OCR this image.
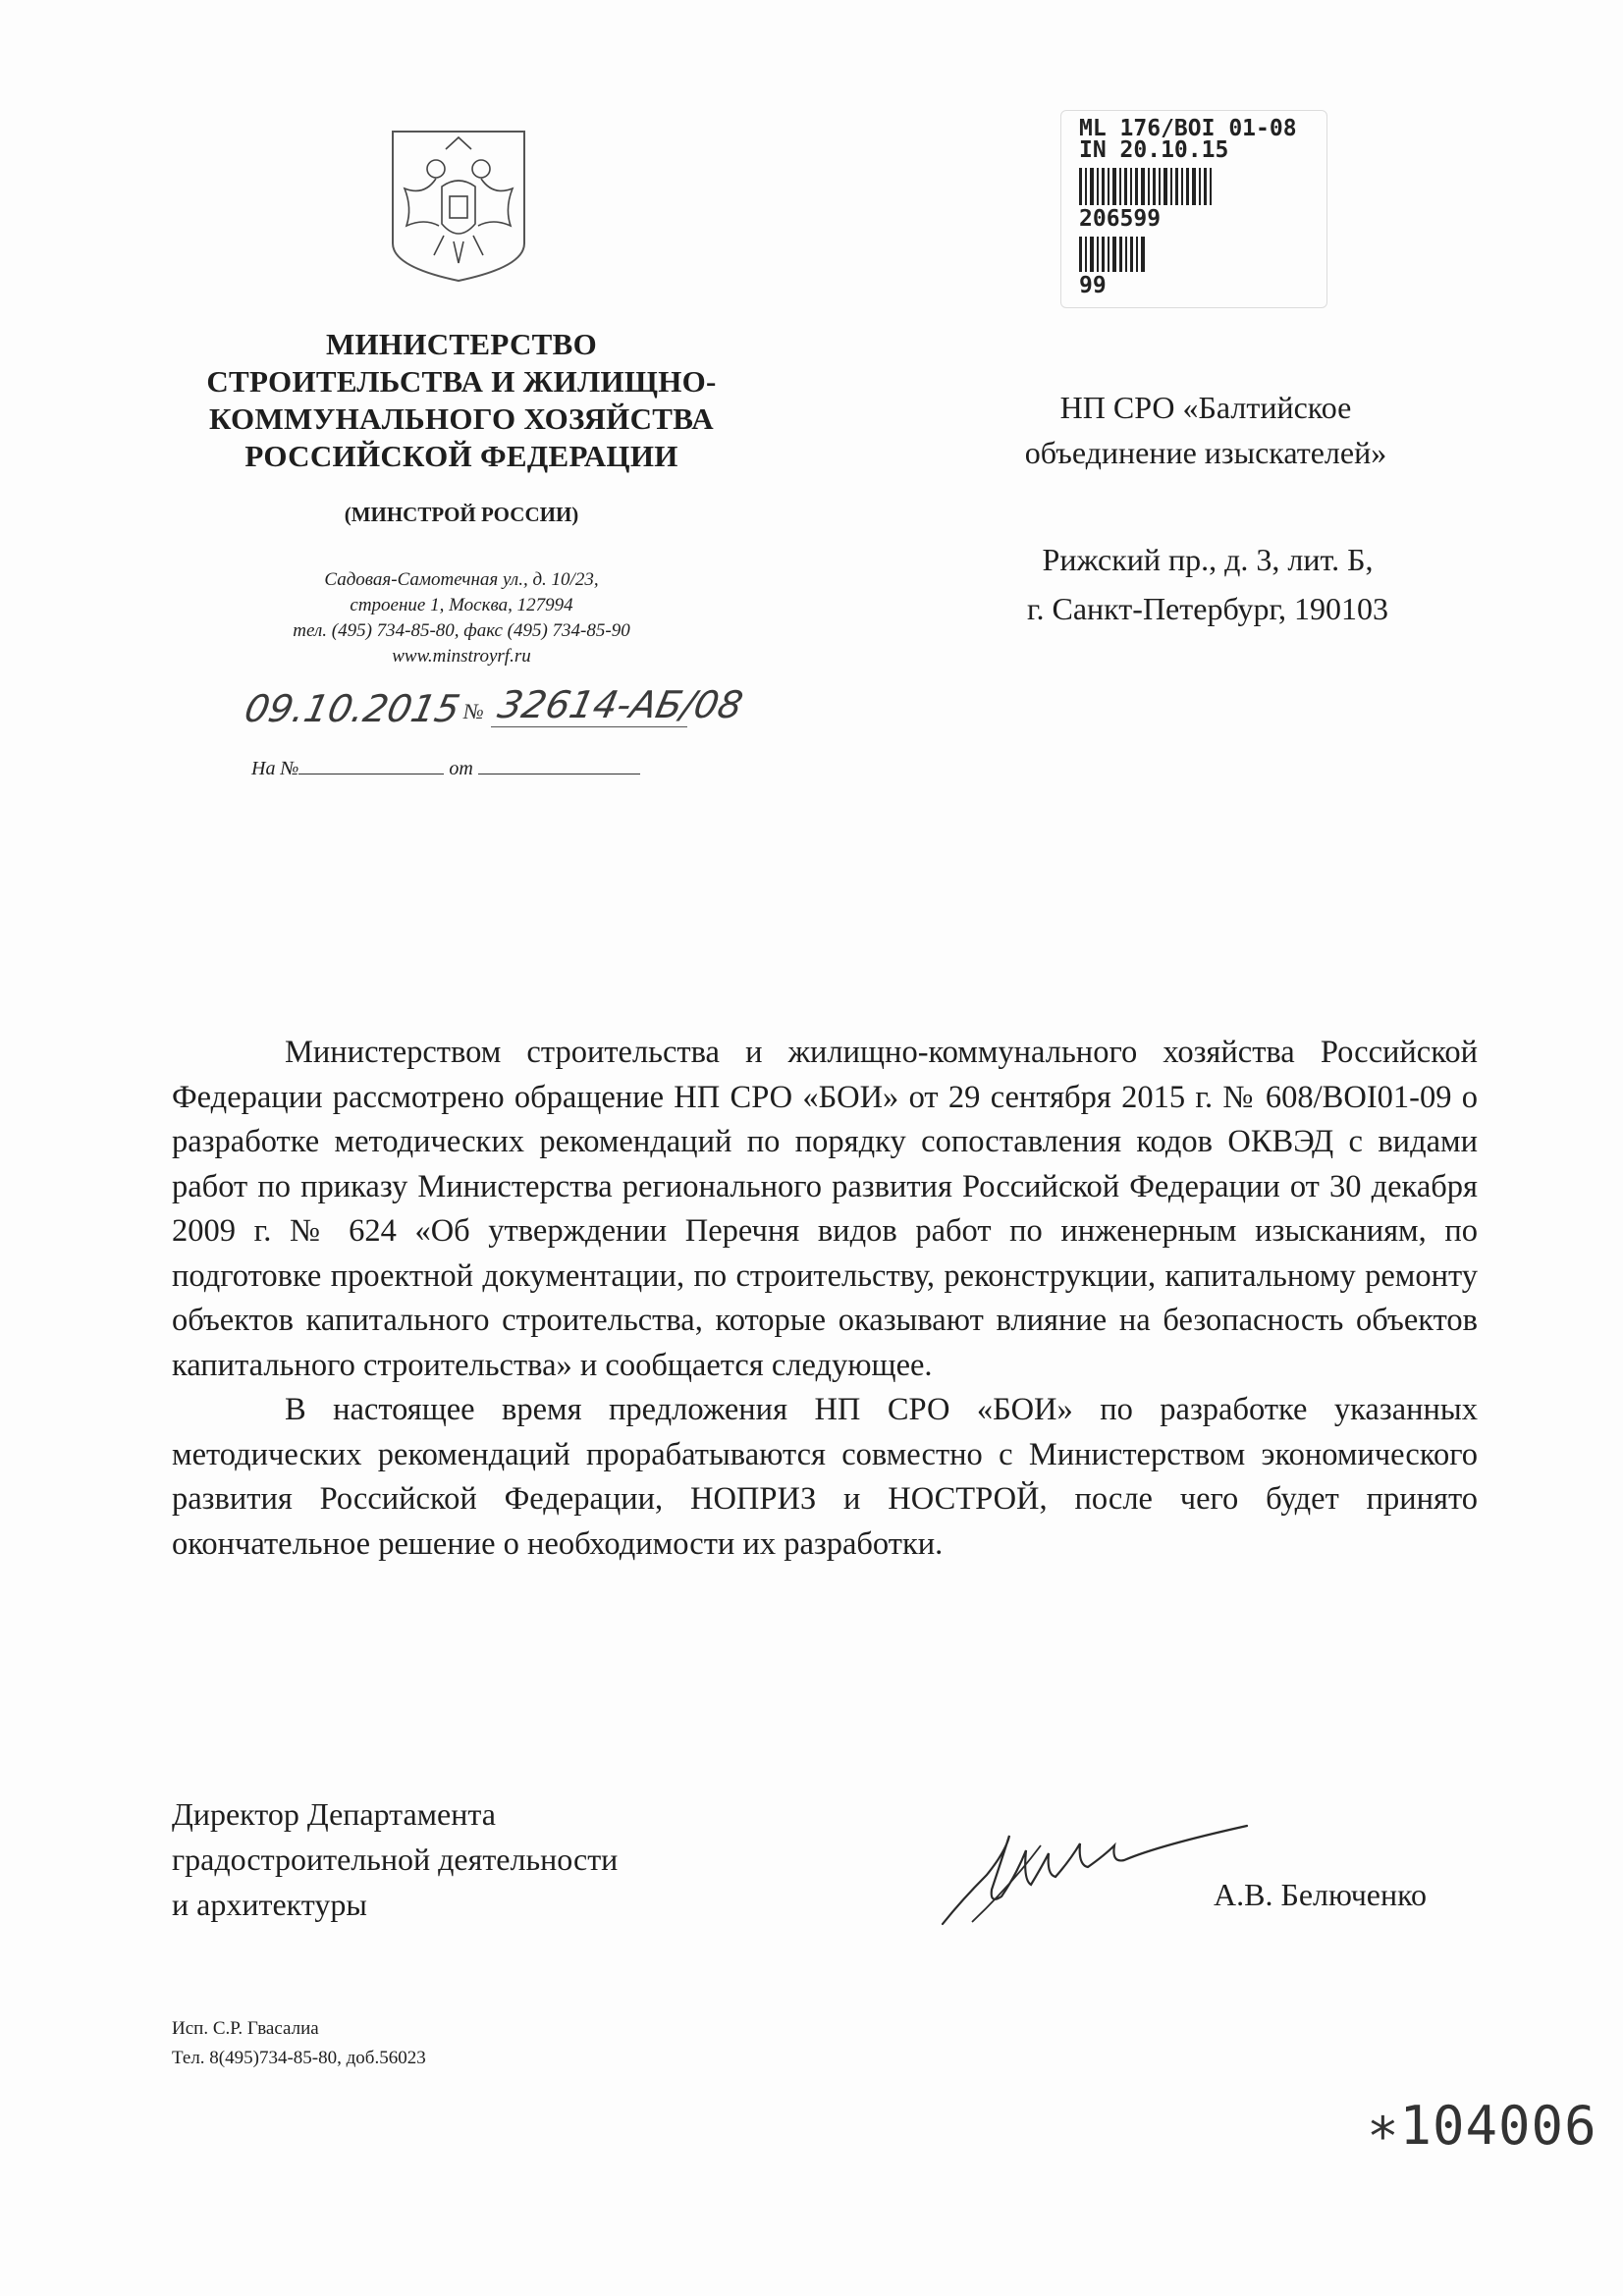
МИНИСТЕРСТВО
СТРОИТЕЛЬСТВА И ЖИЛИЩНО-
КОММУНАЛЬНОГО ХОЗЯЙСТВА
РОССИЙСКОЙ ФЕДЕРАЦИИ
(МИНСТРОЙ РОССИИ)
Садовая-Самотечная ул., д. 10/23,
строение 1, Москва, 127994
тел. (495) 734-85-80, факс (495) 734-85-90
www.minstroyrf.ru
09.10.2015 № 32614-АБ/08
На №	от
ML 176/BOI 01-08
IN 20.10.15
206599
99
НП СРО «Балтийское
объединение изыскателей»
Рижский пр., д. 3, лит. Б,
г. Санкт-Петербург, 190103

Министерством строительства и жилищно-коммунального хозяйства Российской Федерации рассмотрено обращение НП СРО «БОИ» от 29 сентября 2015 г. № 608/BOI01-09 о разработке методических рекомендаций по порядку сопоставления кодов ОКВЭД с видами работ по приказу Министерства регионального развития Российской Федерации от 30 декабря 2009 г. № 624 «Об утверждении Перечня видов работ по инженерным изысканиям, по подготовке проектной документации, по строительству, реконструкции, капитальному ремонту объектов капитального строительства, которые оказывают влияние на безопасность объектов капитального строительства» и сообщается следующее.

В настоящее время предложения НП СРО «БОИ» по разработке указанных методических рекомендаций прорабатываются совместно с Министерством экономического развития Российской Федерации, НОПРИЗ и НОСТРОЙ, после чего будет принято окончательное решение о необходимости их разработки.

Директор Департамента
градостроительной деятельности
и архитектуры	А.В. Белюченко
Исп. С.Р. Гвасалиа
Тел. 8(495)734-85-80, доб.56023
∗104006
